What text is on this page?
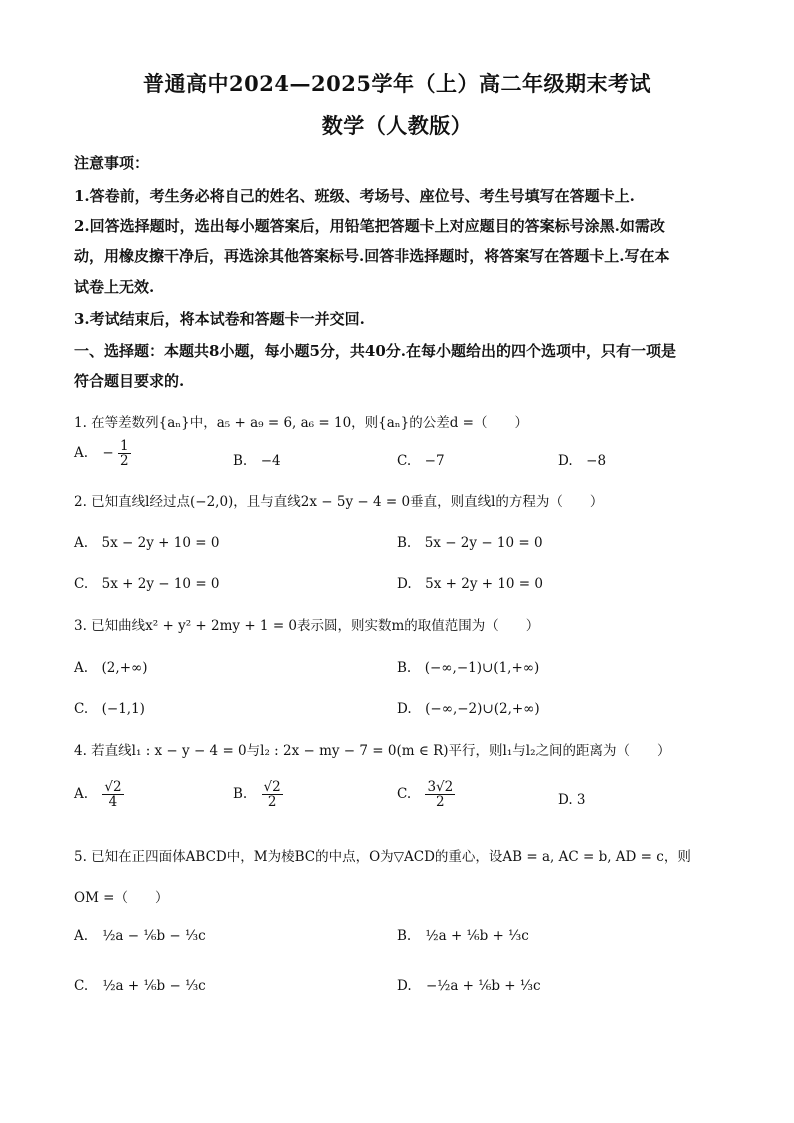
普通高中2024—2025学年（上）高二年级期末考试
数学（人教版）
注意事项：
1.答卷前，考生务必将自己的姓名、班级、考场号、座位号、考生号填写在答题卡上.
2.回答选择题时，选出每小题答案后，用铅笔把答题卡上对应题目的答案标号涂黑.如需改
动，用橡皮擦干净后，再选涂其他答案标号.回答非选择题时，将答案写在答题卡上.写在本
试卷上无效.
3.考试结束后，将本试卷和答题卡一并交回.
一、选择题：本题共8小题，每小题5分，共40分.在每小题给出的四个选项中，只有一项是
符合题目要求的.
1. 在等差数列{aₙ}中，a₅ + a₉ = 6, a₆ = 10，则{aₙ}的公差d =（　　）
A. − $\frac{1}{2}$	B.　−4	C.　−7	D.　−8
2. 已知直线l经过点(−2,0)，且与直线2x − 5y − 4 = 0垂直，则直线l的方程为（　　）
A.　5x − 2y + 10 = 0	B.　5x − 2y − 10 = 0
C.　5x + 2y − 10 = 0	D.　5x + 2y + 10 = 0
3. 已知曲线x² + y² + 2my + 1 = 0表示圆，则实数m的取值范围为（　　）
A.　(2,+∞)	B.　(−∞,−1)∪(1,+∞)
C.　(−1,1)	D.　(−∞,−2)∪(2,+∞)
4. 若直线l₁ : x − y − 4 = 0与l₂ : 2x − my − 7 = 0(m ∈ R)平行，则l₁与l₂之间的距离为（　　）
A. $\frac{√2}{4}$	B. $\frac{√2}{2}$	C. $\frac{3√2}{2}$	D. 3
5. 已知在正四面体ABCD中，M为棱BC的中点，O为▽ACD的重心，设AB = a, AC = b, AD = c，则
OM =（　　）
A. ½a − ⅙b − ⅓c	B. ½a + ⅙b + ⅓c
C. ½a + ⅙b − ⅓c	D. −½a + ⅙b + ⅓c
